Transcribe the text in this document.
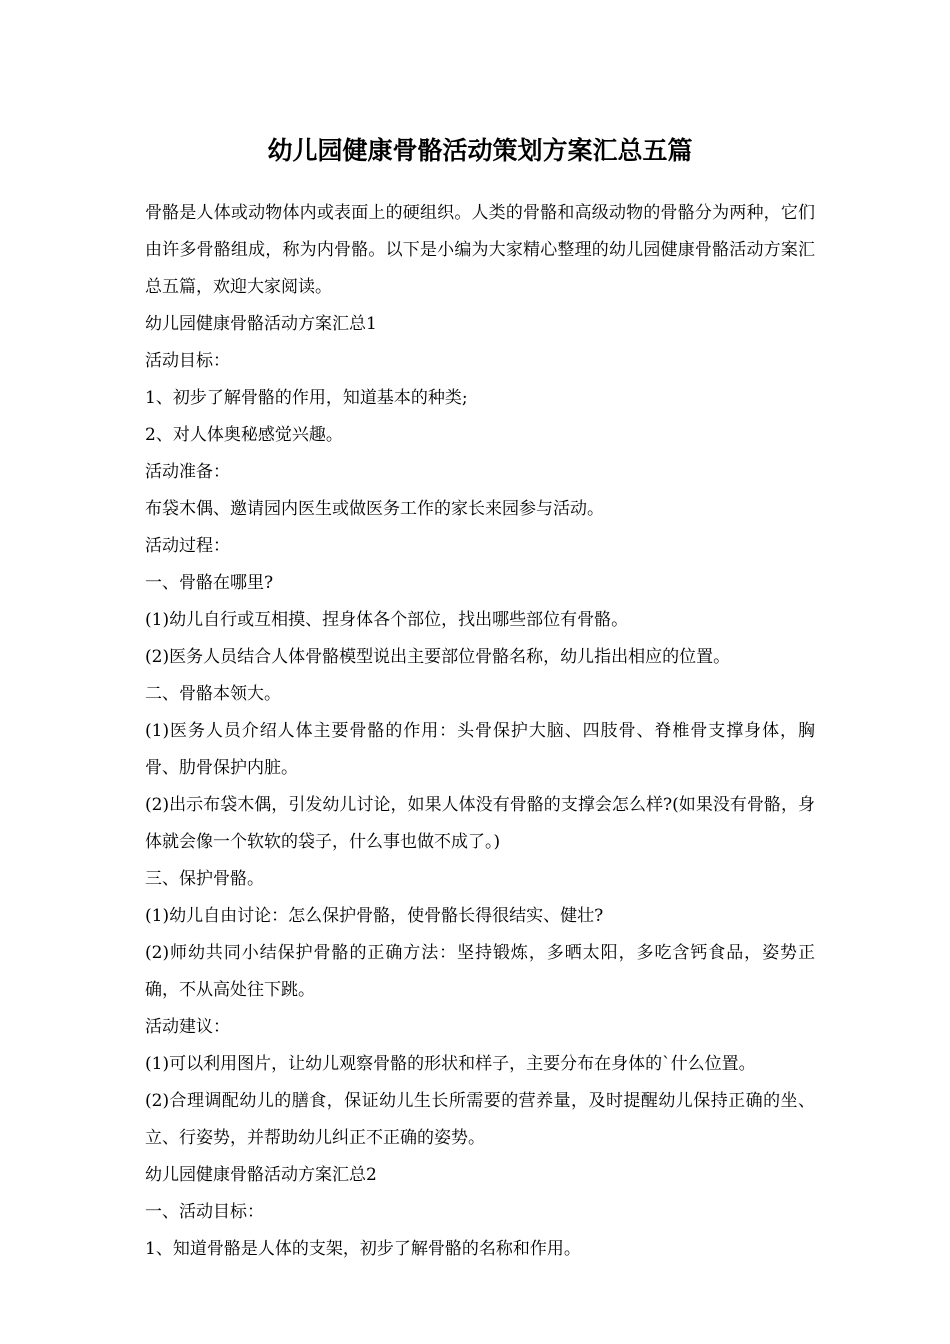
幼儿园健康骨骼活动策划方案汇总五篇

骨骼是人体或动物体内或表面上的硬组织。人类的骨骼和高级动物的骨骼分为两种，它们由许多骨骼组成，称为内骨骼。以下是小编为大家精心整理的幼儿园健康骨骼活动方案汇总五篇，欢迎大家阅读。

幼儿园健康骨骼活动方案汇总1

活动目标：

1、初步了解骨骼的作用，知道基本的种类;

2、对人体奥秘感觉兴趣。

活动准备：

布袋木偶、邀请园内医生或做医务工作的家长来园参与活动。

活动过程：

一、骨骼在哪里?

(1)幼儿自行或互相摸、捏身体各个部位，找出哪些部位有骨骼。

(2)医务人员结合人体骨骼模型说出主要部位骨骼名称，幼儿指出相应的位置。

二、骨骼本领大。

(1)医务人员介绍人体主要骨骼的作用：头骨保护大脑、四肢骨、脊椎骨支撑身体，胸骨、肋骨保护内脏。

(2)出示布袋木偶，引发幼儿讨论，如果人体没有骨骼的支撑会怎么样?(如果没有骨骼，身体就会像一个软软的袋子，什么事也做不成了。)

三、保护骨骼。

(1)幼儿自由讨论：怎么保护骨骼，使骨骼长得很结实、健壮?

(2)师幼共同小结保护骨骼的正确方法：坚持锻炼，多晒太阳，多吃含钙食品，姿势正确，不从高处往下跳。

活动建议：

(1)可以利用图片，让幼儿观察骨骼的形状和样子，主要分布在身体的`什么位置。

(2)合理调配幼儿的膳食，保证幼儿生长所需要的营养量，及时提醒幼儿保持正确的坐、立、行姿势，并帮助幼儿纠正不正确的姿势。

幼儿园健康骨骼活动方案汇总2

一、活动目标：

1、知道骨骼是人体的支架，初步了解骨骼的名称和作用。
